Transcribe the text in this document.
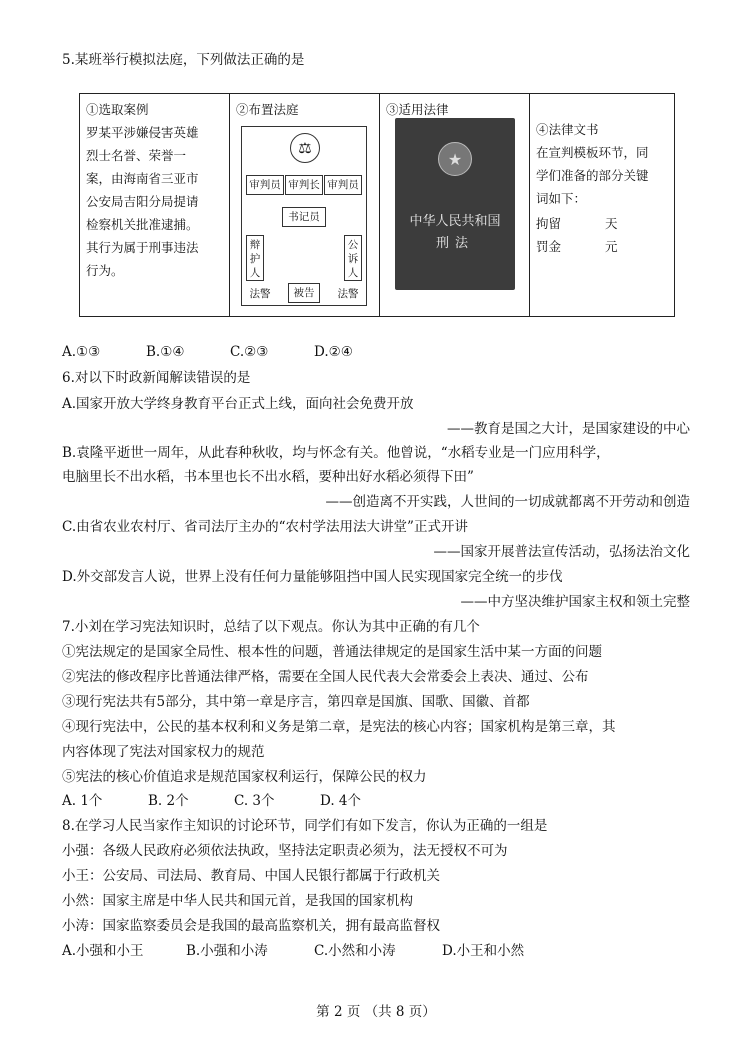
5.某班举行模拟法庭，下列做法正确的是
①选取案例
罗某平涉嫌侵害英雄
烈士名誉、荣誉一
案，由海南省三亚市
公安局吉阳分局提请
检察机关批准逮捕。
其行为属于刑事违法
行为。
②布置法庭
⚖
审判员 审判长 审判员
书记员
辩护人
公诉人
法警	被告	法警
③适用法律
★
中华人民共和国
刑法
④法律文书
在宣判模板环节，同
学们准备的部分关键
词如下：
拘留	天
罚金	元
A.①③	B.①④	C.②③	D.②④
6.对以下时政新闻解读错误的是
A.国家开放大学终身教育平台正式上线，面向社会免费开放
——教育是国之大计，是国家建设的中心
B.袁隆平逝世一周年，从此春种秋收，均与怀念有关。他曾说，“水稻专业是一门应用科学，
电脑里长不出水稻，书本里也长不出水稻，要种出好水稻必须得下田”
——创造离不开实践，人世间的一切成就都离不开劳动和创造
C.由省农业农村厅、省司法厅主办的“农村学法用法大讲堂”正式开讲
——国家开展普法宣传活动，弘扬法治文化
D.外交部发言人说，世界上没有任何力量能够阻挡中国人民实现国家完全统一的步伐
——中方坚决维护国家主权和领土完整
7.小刘在学习宪法知识时，总结了以下观点。你认为其中正确的有几个
①宪法规定的是国家全局性、根本性的问题，普通法律规定的是国家生活中某一方面的问题
②宪法的修改程序比普通法律严格，需要在全国人民代表大会常委会上表决、通过、公布
③现行宪法共有5部分，其中第一章是序言，第四章是国旗、国歌、国徽、首都
④现行宪法中，公民的基本权利和义务是第二章，是宪法的核心内容；国家机构是第三章，其
内容体现了宪法对国家权力的规范
⑤宪法的核心价值追求是规范国家权利运行，保障公民的权力
A. 1个	B. 2个	C. 3个	D. 4个
8.在学习人民当家作主知识的讨论环节，同学们有如下发言，你认为正确的一组是
小强：各级人民政府必须依法执政，坚持法定职责必须为，法无授权不可为
小王：公安局、司法局、教育局、中国人民银行都属于行政机关
小然：国家主席是中华人民共和国元首，是我国的国家机构
小涛：国家监察委员会是我国的最高监察机关，拥有最高监督权
A.小强和小王	B.小强和小涛	C.小然和小涛	D.小王和小然
第 2 页 （共 8 页）
